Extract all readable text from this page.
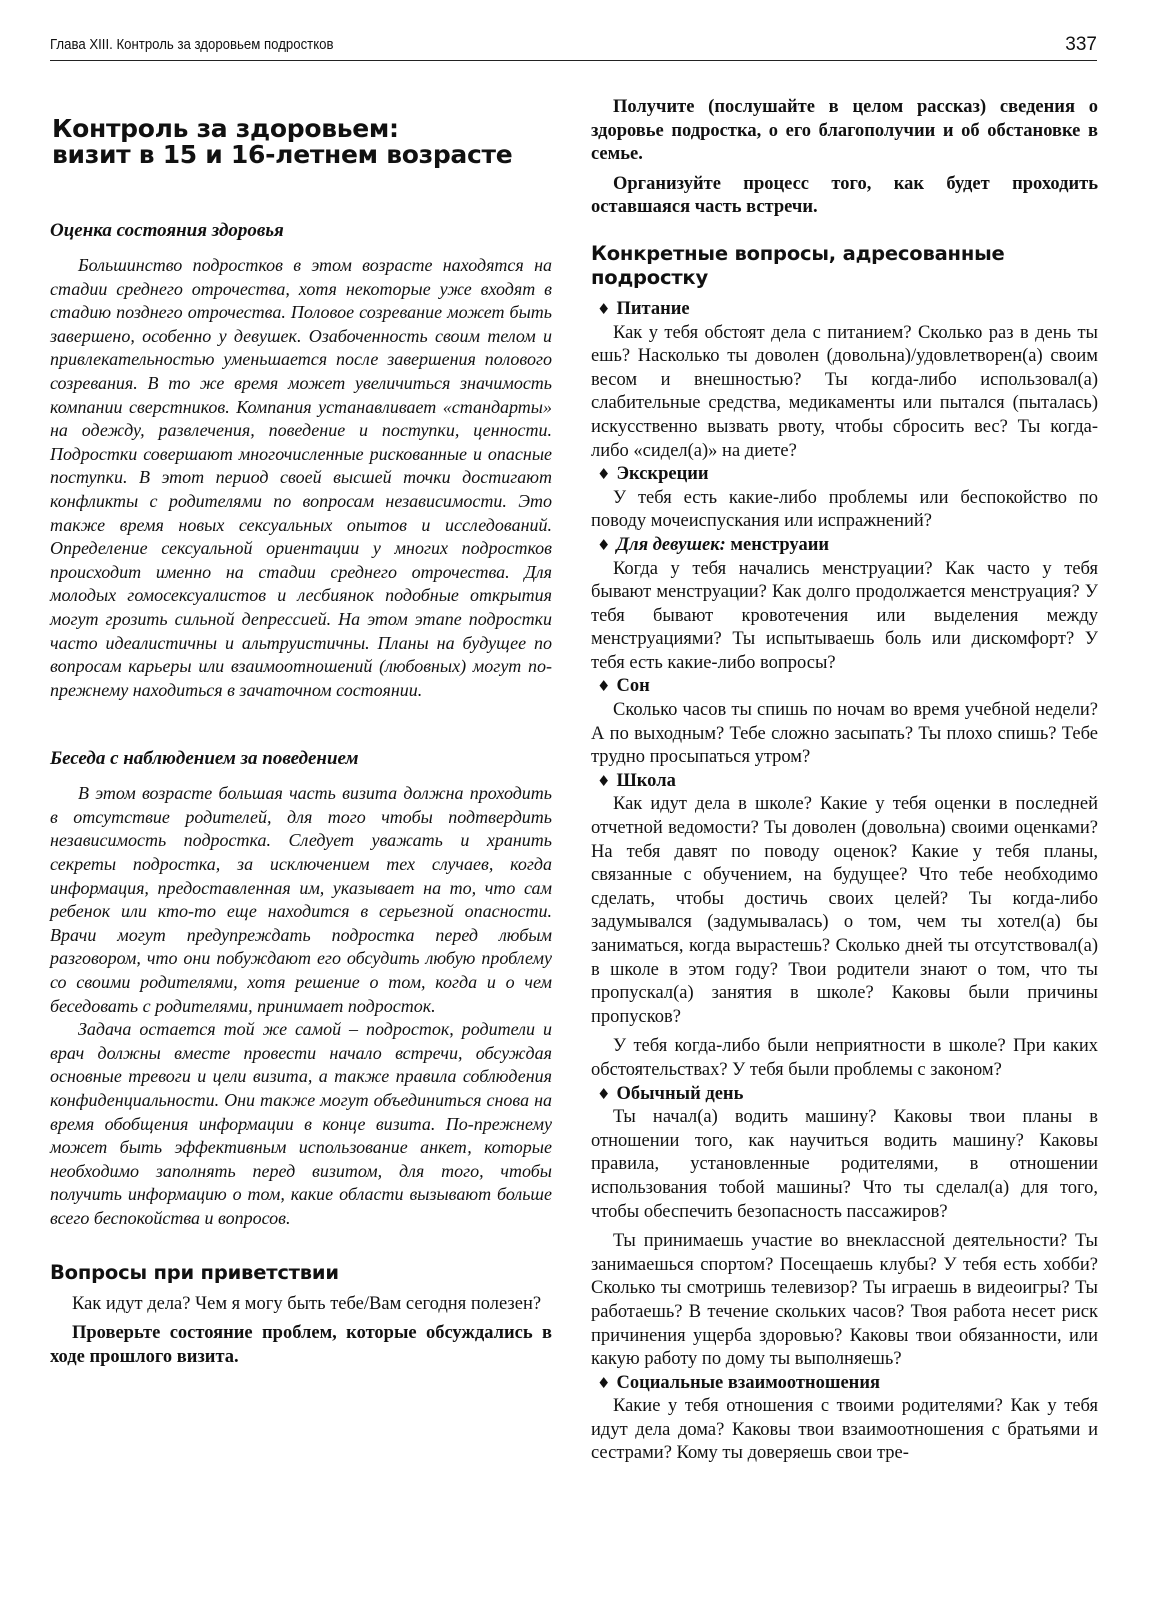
Глава XIII. Контроль за здоровьем подростков	337
Контроль за здоровьем:
визит в 15 и 16-летнем возрасте
Оценка состояния здоровья

Большинство подростков в этом возрасте находятся на стадии среднего отрочества, хотя некоторые уже входят в стадию позднего отрочества. Половое созревание может быть завершено, особенно у девушек. Озабоченность своим телом и привлекательностью уменьшается после завершения полового созревания. В то же время может увеличиться значимость компании сверстников. Компания устанавливает «стандарты» на одежду, развлечения, поведение и поступки, ценности. Подростки совершают многочисленные рискованные и опасные поступки. В этот период своей высшей точки достигают конфликты с родителями по вопросам независимости. Это также время новых сексуальных опытов и исследований. Определение сексуальной ориентации у многих подростков происходит именно на стадии среднего отрочества. Для молодых гомосексуалистов и лесбиянок подобные открытия могут грозить сильной депрессией. На этом этапе подростки часто идеалистичны и альтруистичны. Планы на будущее по вопросам карьеры или взаимоотношений (любовных) могут по-прежнему находиться в зачаточном состоянии.

Беседа с наблюдением за поведением

В этом возрасте большая часть визита должна проходить в отсутствие родителей, для того чтобы подтвердить независимость подростка. Следует уважать и хранить секреты подростка, за исключением тех случаев, когда информация, предоставленная им, указывает на то, что сам ребенок или кто-то еще находится в серьезной опасности. Врачи могут предупреждать подростка перед любым разговором, что они побуждают его обсудить любую проблему со своими родителями, хотя решение о том, когда и о чем беседовать с родителями, принимает подросток.

Задача остается той же самой – подросток, родители и врач должны вместе провести начало встречи, обсуждая основные тревоги и цели визита, а также правила соблюдения конфиденциальности. Они также могут объединиться снова на время обобщения информации в конце визита. По-прежнему может быть эффективным использование анкет, которые необходимо заполнять перед визитом, для того, чтобы получить информацию о том, какие области вызывают больше всего беспокойства и вопросов.

Вопросы при приветствии

Как идут дела? Чем я могу быть тебе/Вам сегодня полезен?

Проверьте состояние проблем, которые обсуждались в ходе прошлого визита.

Получите (послушайте в целом рассказ) сведения о здоровье подростка, о его благополучии и об обстановке в семье.

Организуйте процесс того, как будет проходить оставшаяся часть встречи.

Конкретные вопросы, адресованные подростку

♦ Питание

Как у тебя обстоят дела с питанием? Сколько раз в день ты ешь? Насколько ты доволен (довольна)/удовлетворен(а) своим весом и внешностью? Ты когда-либо использовал(а) слабительные средства, медикаменты или пытался (пыталась) искусственно вызвать рвоту, чтобы сбросить вес? Ты когда-либо «сидел(а)» на диете?

♦ Экскреции

У тебя есть какие-либо проблемы или беспокойство по поводу мочеиспускания или испражнений?

♦ Для девушек: менструаии

Когда у тебя начались менструации? Как часто у тебя бывают менструации? Как долго продолжается менструация? У тебя бывают кровотечения или выделения между менструациями? Ты испытываешь боль или дискомфорт? У тебя есть какие-либо вопросы?

♦ Сон

Сколько часов ты спишь по ночам во время учебной недели? А по выходным? Тебе сложно засыпать? Ты плохо спишь? Тебе трудно просыпаться утром?

♦ Школа

Как идут дела в школе? Какие у тебя оценки в последней отчетной ведомости? Ты доволен (довольна) своими оценками? На тебя давят по поводу оценок? Какие у тебя планы, связанные с обучением, на будущее? Что тебе необходимо сделать, чтобы достичь своих целей? Ты когда-либо задумывался (задумывалась) о том, чем ты хотел(а) бы заниматься, когда вырастешь? Сколько дней ты отсутствовал(а) в школе в этом году? Твои родители знают о том, что ты пропускал(а) занятия в школе? Каковы были причины пропусков?

У тебя когда-либо были неприятности в школе? При каких обстоятельствах? У тебя были проблемы с законом?

♦ Обычный день

Ты начал(а) водить машину? Каковы твои планы в отношении того, как научиться водить машину? Каковы правила, установленные родителями, в отношении использования тобой машины? Что ты сделал(а) для того, чтобы обеспечить безопасность пассажиров?

Ты принимаешь участие во внеклассной деятельности? Ты занимаешься спортом? Посещаешь клубы? У тебя есть хобби? Сколько ты смотришь телевизор? Ты играешь в видеоигры? Ты работаешь? В течение скольких часов? Твоя работа несет риск причинения ущерба здоровью? Каковы твои обязанности, или какую работу по дому ты выполняешь?

♦ Социальные взаимоотношения

Какие у тебя отношения с твоими родителями? Как у тебя идут дела дома? Каковы твои взаимоотношения с братьями и сестрами? Кому ты доверяешь свои тре-
